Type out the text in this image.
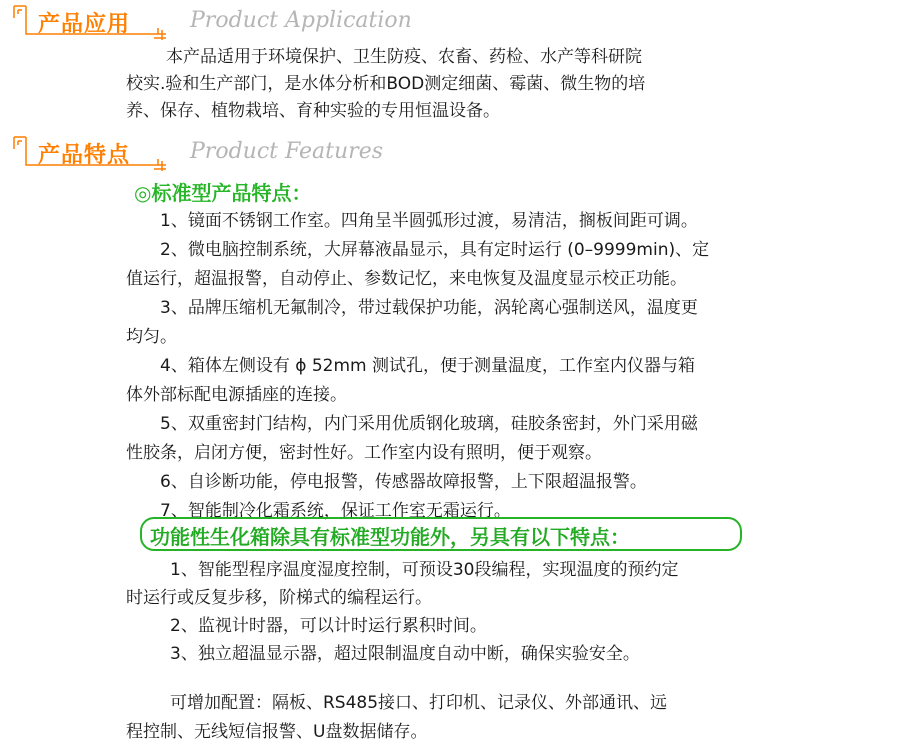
产品应用	Product Application
本产品适用于环境保护、卫生防疫、农畜、药检、水产等科研院
校实.验和生产部门，是水体分析和BOD测定细菌、霉菌、微生物的培
养、保存、植物栽培、育种实验的专用恒温设备。
产品特点	Product Features
◎标准型产品特点：
1、镜面不锈钢工作室。四角呈半圆弧形过渡，易清洁，搁板间距可调。
2、微电脑控制系统，大屏幕液晶显示，具有定时运行 (0–9999min)、定
值运行，超温报警，自动停止、参数记忆，来电恢复及温度显示校正功能。
3、品牌压缩机无氟制冷，带过载保护功能，涡轮离心强制送风，温度更
均匀。
4、箱体左侧设有 ϕ 52mm 测试孔，便于测量温度，工作室内仪器与箱
体外部标配电源插座的连接。
5、双重密封门结构，内门采用优质钢化玻璃，硅胶条密封，外门采用磁
性胶条，启闭方便，密封性好。工作室内设有照明，便于观察。
6、自诊断功能，停电报警，传感器故障报警，上下限超温报警。
7、智能制冷化霜系统，保证工作室无霜运行。
功能性生化箱除具有标准型功能外，另具有以下特点：
1、智能型程序温度湿度控制，可预设30段编程，实现温度的预约定
时运行或反复步移，阶梯式的编程运行。
2、监视计时器，可以计时运行累积时间。
3、独立超温显示器，超过限制温度自动中断，确保实验安全。
可增加配置：隔板、RS485接口、打印机、记录仪、外部通讯、远
程控制、无线短信报警、U盘数据储存。
